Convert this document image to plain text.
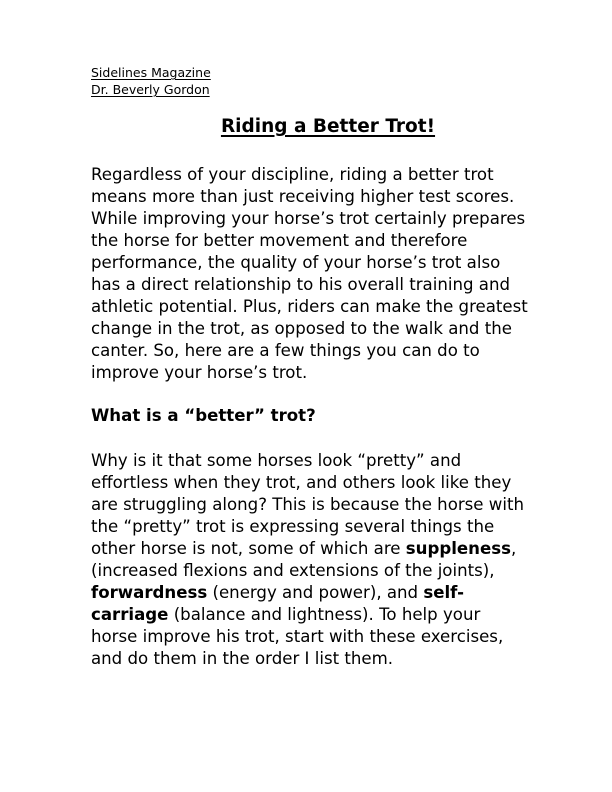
Sidelines Magazine
Dr. Beverly Gordon
Riding a Better Trot!

Regardless of your discipline, riding a better trot
means more than just receiving higher test scores.
While improving your horse’s trot certainly prepares
the horse for better movement and therefore
performance, the quality of your horse’s trot also
has a direct relationship to his overall training and
athletic potential. Plus, riders can make the greatest
change in the trot, as opposed to the walk and the
canter. So, here are a few things you can do to
improve your horse’s trot.

What is a “better” trot?

Why is it that some horses look “pretty” and
effortless when they trot, and others look like they
are struggling along? This is because the horse with
the “pretty” trot is expressing several things the
other horse is not, some of which are suppleness,
(increased flexions and extensions of the joints),
forwardness (energy and power), and self-
carriage (balance and lightness). To help your
horse improve his trot, start with these exercises,
and do them in the order I list them.
